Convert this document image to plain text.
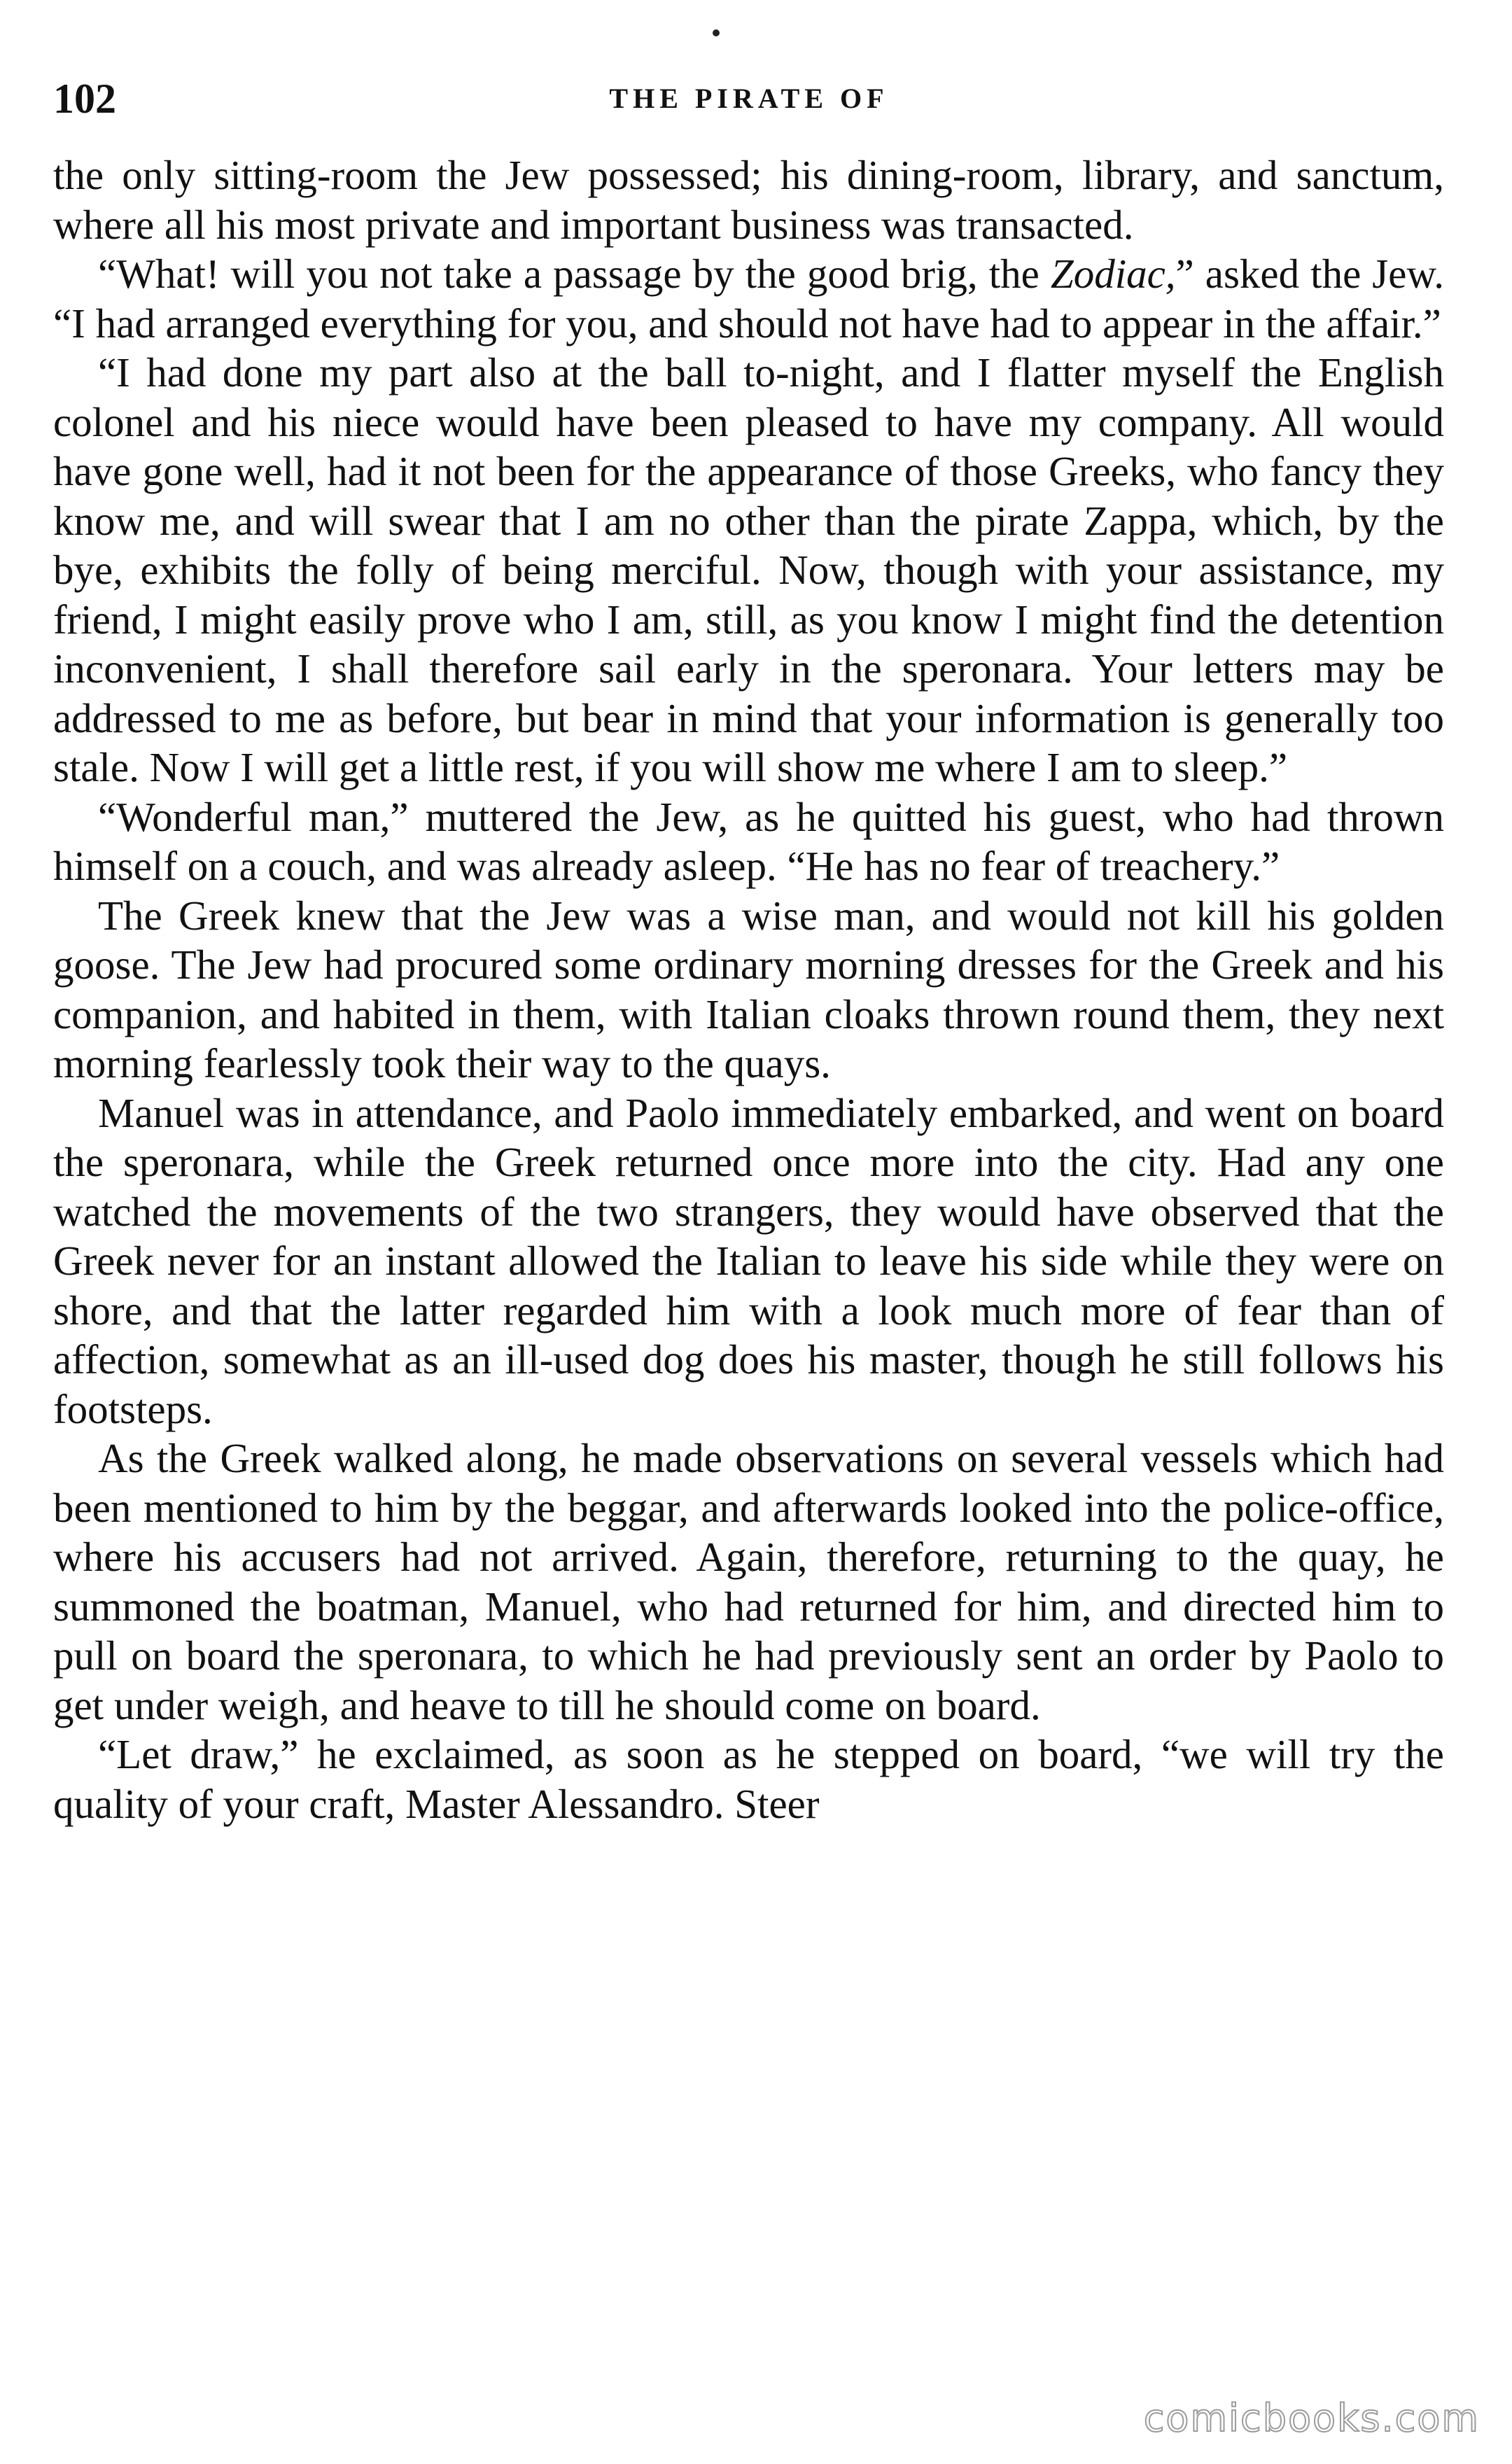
102	THE PIRATE OF

the only sitting-room the Jew possessed; his dining-room, library, and sanctum, where all his most private and important business was transacted.

“What! will you not take a passage by the good brig, the Zodiac,” asked the Jew. “I had arranged everything for you, and should not have had to appear in the affair.”

“I had done my part also at the ball to-night, and I flatter myself the English colonel and his niece would have been pleased to have my company. All would have gone well, had it not been for the appearance of those Greeks, who fancy they know me, and will swear that I am no other than the pirate Zappa, which, by the bye, exhibits the folly of being merciful. Now, though with your assistance, my friend, I might easily prove who I am, still, as you know I might find the detention inconvenient, I shall therefore sail early in the speronara. Your letters may be addressed to me as before, but bear in mind that your information is generally too stale. Now I will get a little rest, if you will show me where I am to sleep.”

“Wonderful man,” muttered the Jew, as he quitted his guest, who had thrown himself on a couch, and was already asleep. “He has no fear of treachery.”

The Greek knew that the Jew was a wise man, and would not kill his golden goose. The Jew had procured some ordinary morning dresses for the Greek and his companion, and habited in them, with Italian cloaks thrown round them, they next morning fearlessly took their way to the quays.

Manuel was in attendance, and Paolo immediately embarked, and went on board the speronara, while the Greek returned once more into the city. Had any one watched the movements of the two strangers, they would have observed that the Greek never for an instant allowed the Italian to leave his side while they were on shore, and that the latter regarded him with a look much more of fear than of affection, somewhat as an ill-used dog does his master, though he still follows his footsteps.

As the Greek walked along, he made observations on several vessels which had been mentioned to him by the beggar, and afterwards looked into the police-office, where his accusers had not arrived. Again, therefore, returning to the quay, he summoned the boatman, Manuel, who had returned for him, and directed him to pull on board the speronara, to which he had previously sent an order by Paolo to get under weigh, and heave to till he should come on board.

“Let draw,” he exclaimed, as soon as he stepped on board, “we will try the quality of your craft, Master Alessandro. Steer

comicbooks.com
